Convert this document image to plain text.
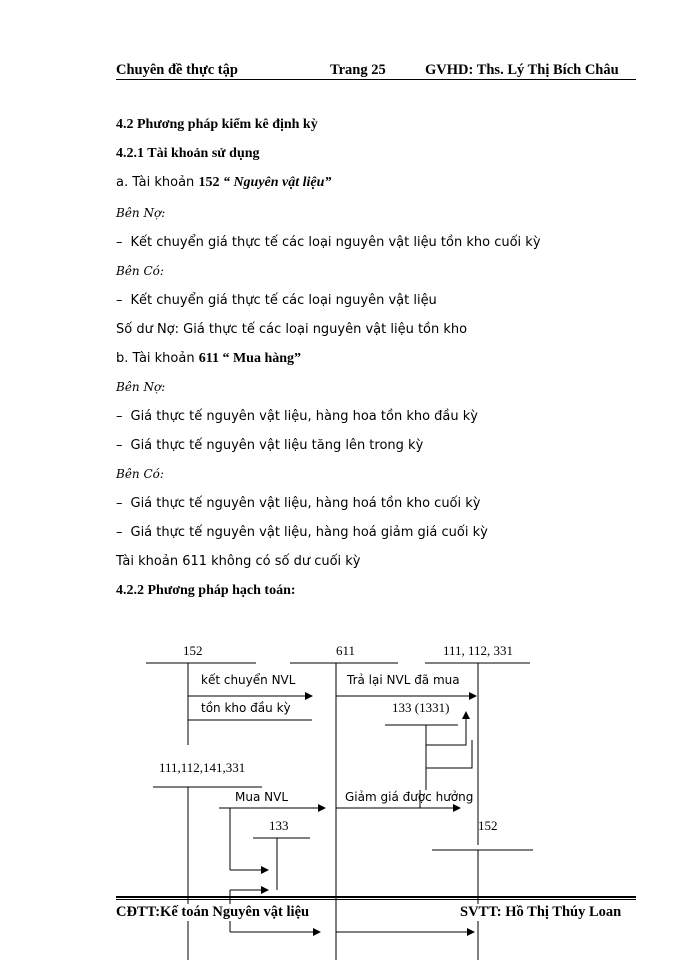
Chuyên đề thực tập	Trang 25	GVHD: Ths. Lý Thị Bích Châu
4.2 Phương pháp kiểm kê định kỳ
4.2.1 Tài khoản sử dụng
a. Tài khoản 152 “ Nguyên vật liệu”
Bên Nợ:
– Kết chuyển giá thực tế các loại nguyên vật liệu tồn kho cuối kỳ
Bên Có:
– Kết chuyển giá thực tế các loại nguyên vật liệu
Số dư Nợ: Giá thực tế các loại nguyên vật liệu tồn kho
b. Tài khoản 611 “ Mua hàng”
Bên Nợ:
– Giá thực tế nguyên vật liệu, hàng hoa tồn kho đầu kỳ
– Giá thực tế nguyên vật liệu tăng lên trong kỳ
Bên Có:
– Giá thực tế nguyên vật liệu, hàng hoá tồn kho cuối kỳ
– Giá thực tế nguyên vật liệu, hàng hoá giảm giá cuối kỳ
Tài khoản 611 không có số dư cuối kỳ
4.2.2 Phương pháp hạch toán:
152	611	111, 112, 331
kết chuyển NVL
tồn kho đầu kỳ
Trả lại NVL đã mua
133 (1331)
111,112,141,331
Mua NVL	Giảm giá được hưởng
133	152
CĐTT:Kế toán Nguyên vật liệu	SVTT: Hồ Thị Thúy Loan
